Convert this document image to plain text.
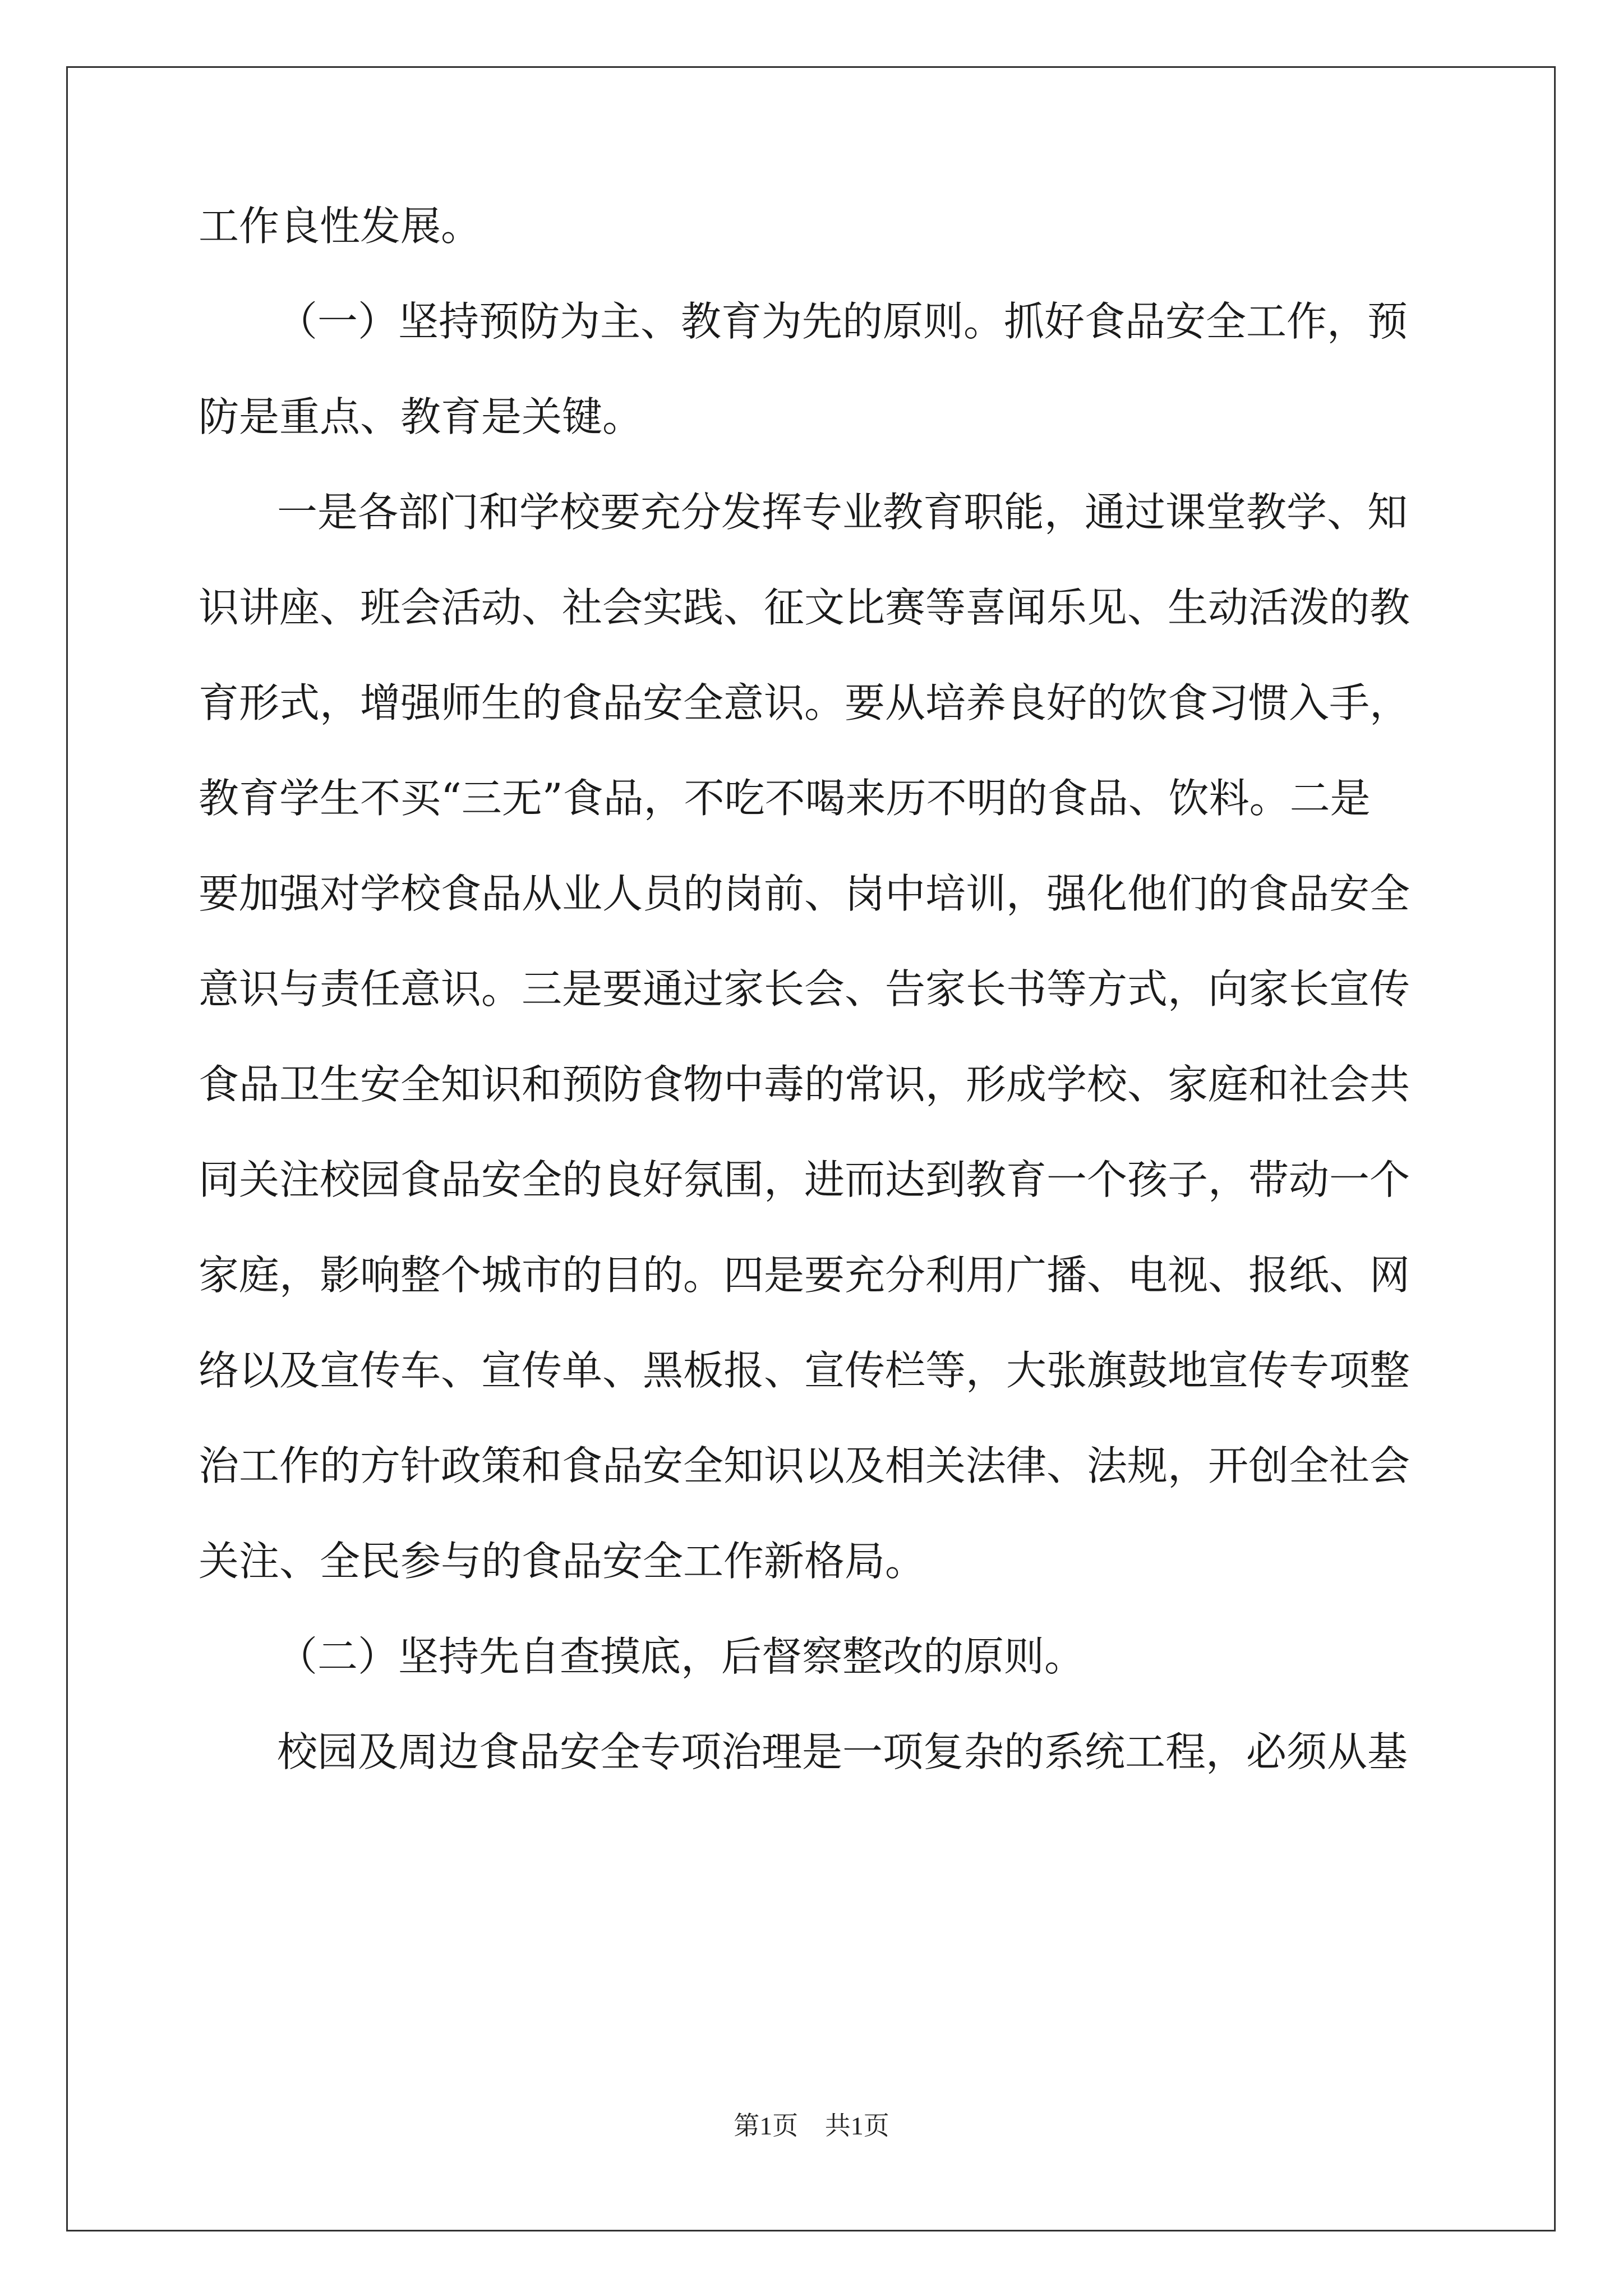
工作良性发展。

（一）坚持预防为主、教育为先的原则。抓好食品安全工作，预

防是重点、教育是关键。

一是各部门和学校要充分发挥专业教育职能，通过课堂教学、知

识讲座、班会活动、社会实践、征文比赛等喜闻乐见、生动活泼的教

育形式，增强师生的食品安全意识。要从培养良好的饮食习惯入手，

教育学生不买“三无”食品，不吃不喝来历不明的食品、饮料。二是

要加强对学校食品从业人员的岗前、岗中培训，强化他们的食品安全

意识与责任意识。三是要通过家长会、告家长书等方式，向家长宣传

食品卫生安全知识和预防食物中毒的常识，形成学校、家庭和社会共

同关注校园食品安全的良好氛围，进而达到教育一个孩子，带动一个

家庭，影响整个城市的目的。四是要充分利用广播、电视、报纸、网

络以及宣传车、宣传单、黑板报、宣传栏等，大张旗鼓地宣传专项整

治工作的方针政策和食品安全知识以及相关法律、法规，开创全社会

关注、全民参与的食品安全工作新格局。

（二）坚持先自查摸底，后督察整改的原则。

校园及周边食品安全专项治理是一项复杂的系统工程，必须从基

第1页 共1页
